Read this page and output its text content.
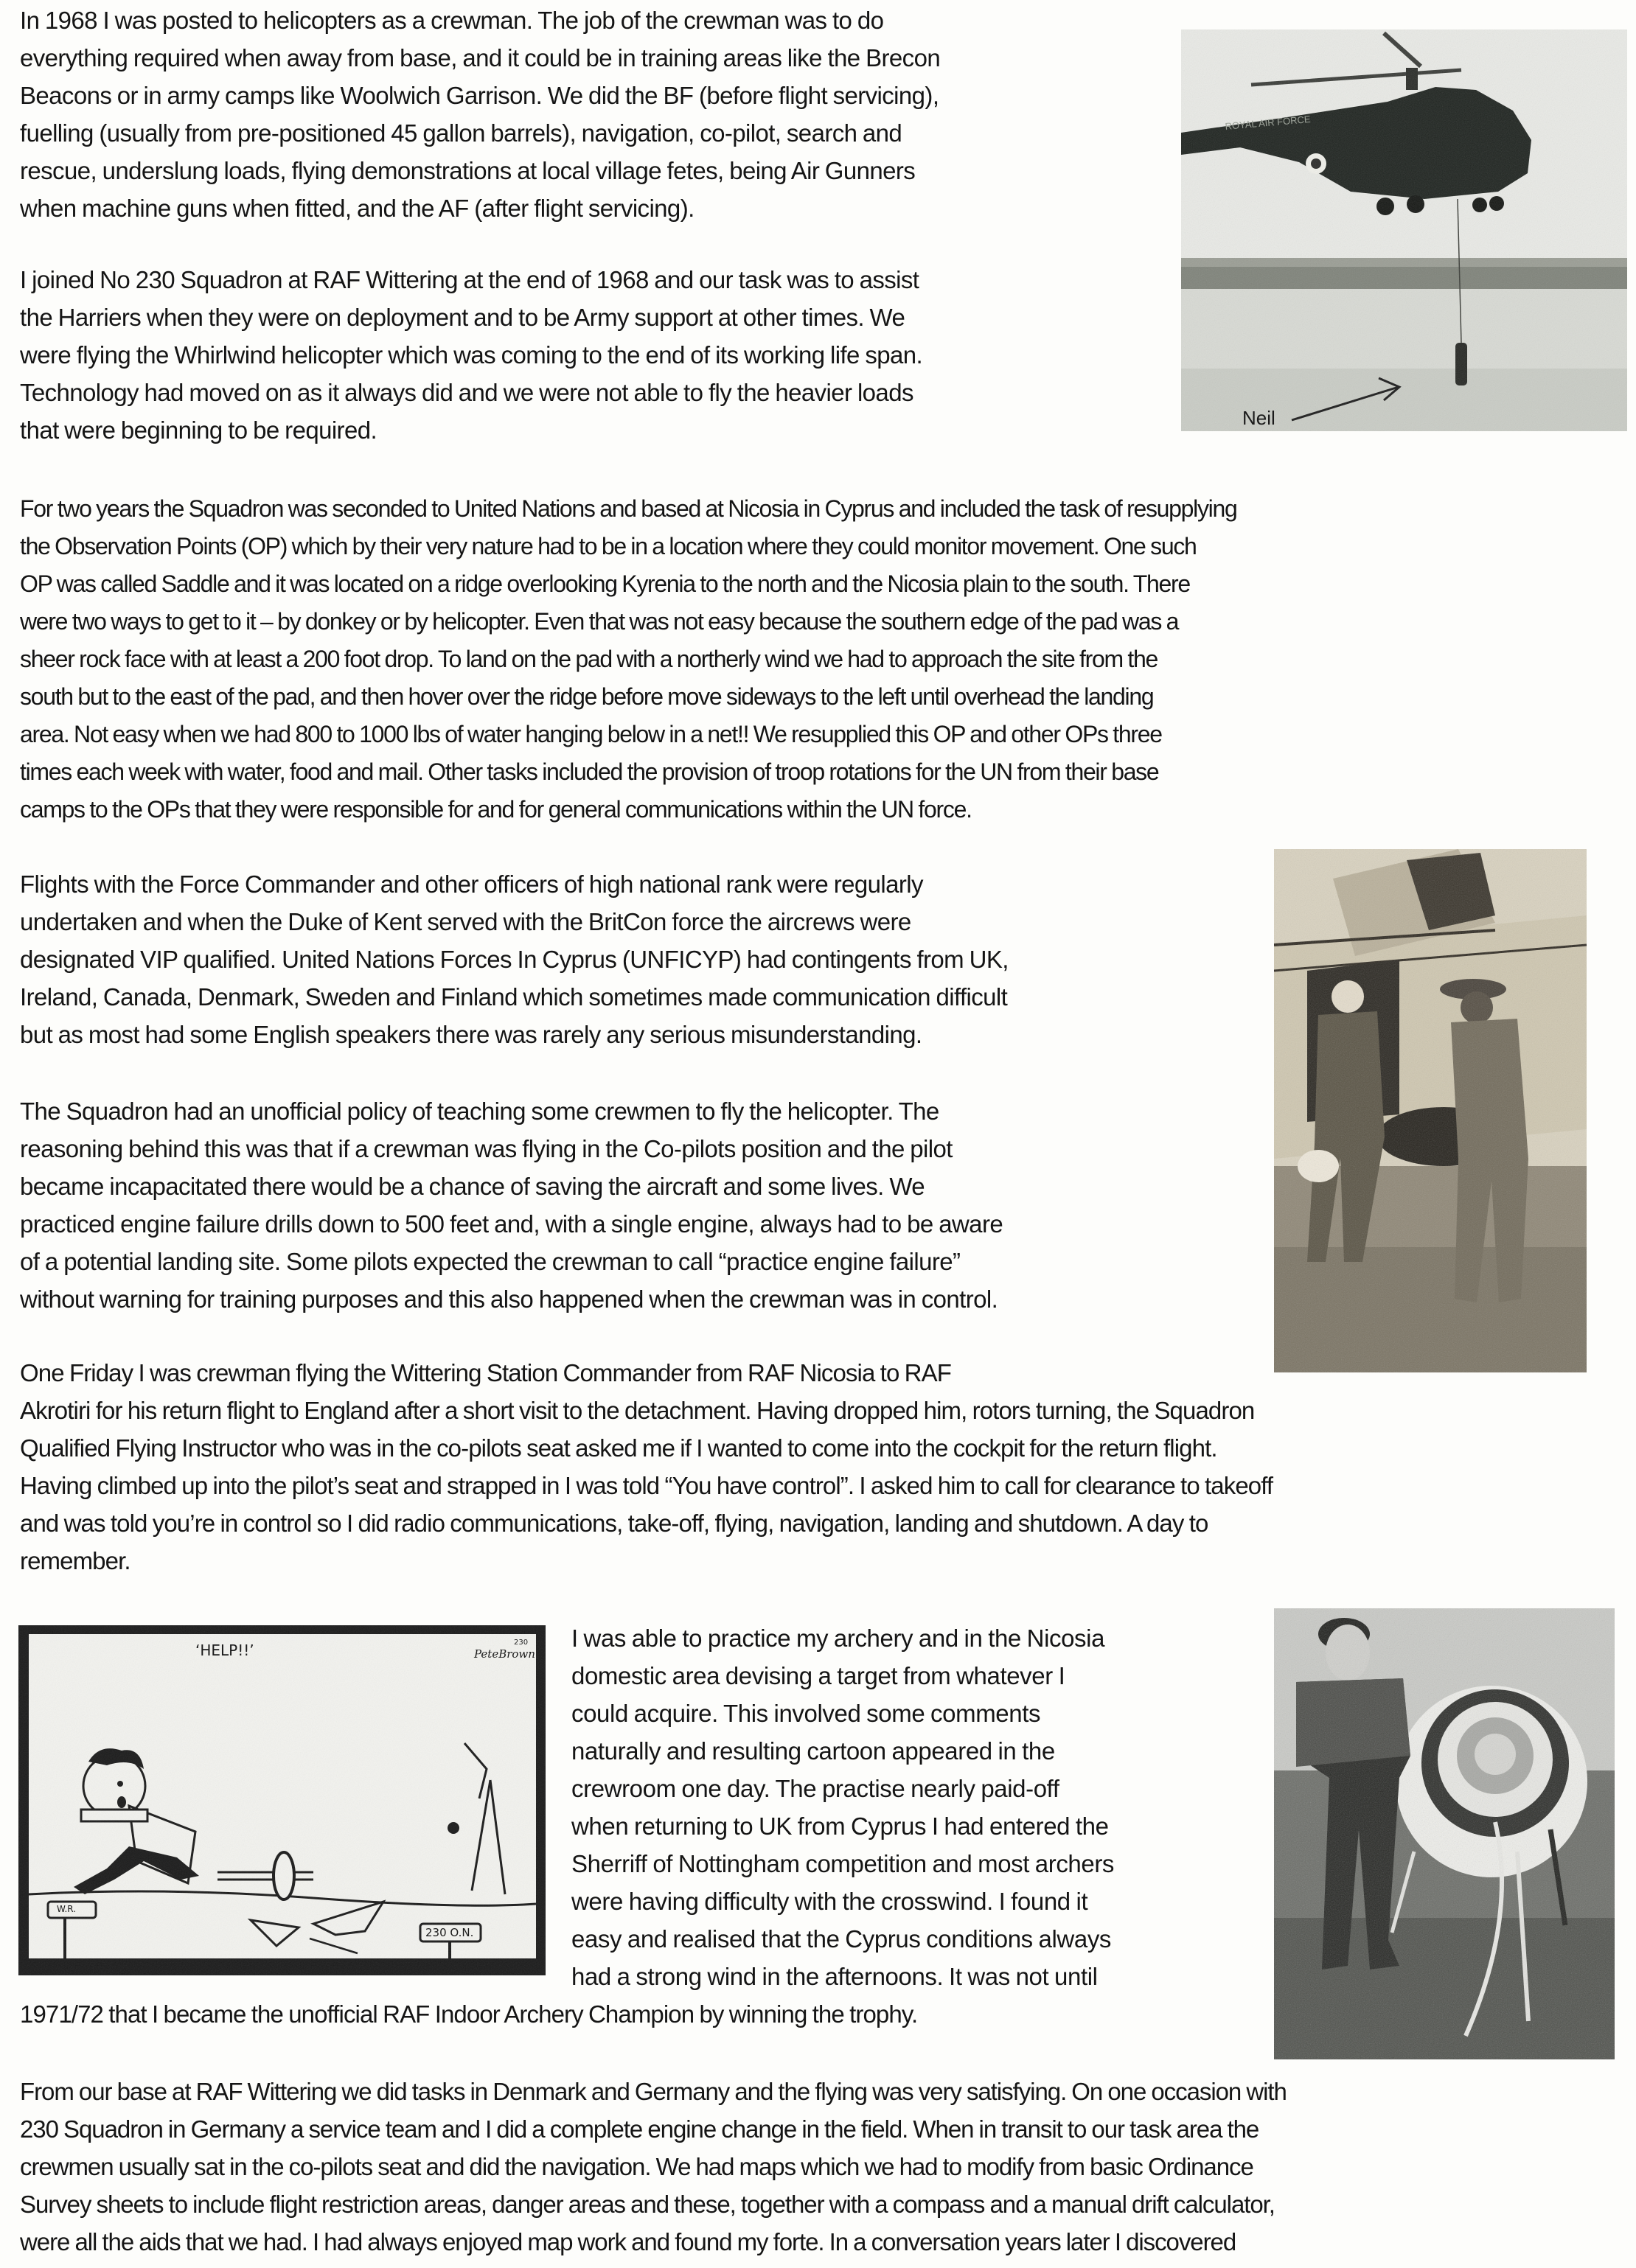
In 1968 I was posted to helicopters as a crewman. The job of the crewman was to do
everything required when away from base, and it could be in training areas like the Brecon
Beacons or in army camps like Woolwich Garrison. We did the BF (before flight servicing),
fuelling (usually from pre-positioned 45 gallon barrels), navigation, co-pilot, search and
rescue, underslung loads, flying demonstrations at local village fetes, being Air Gunners
when machine guns when fitted, and the AF (after flight servicing).
Neil
I joined No 230 Squadron at RAF Wittering at the end of 1968 and our task was to assist
the Harriers when they were on deployment and to be Army support at other times. We
were flying the Whirlwind helicopter which was coming to the end of its working life span.
Technology had moved on as it always did and we were not able to fly the heavier loads
that were beginning to be required.
For two years the Squadron was seconded to United Nations and based at Nicosia in Cyprus and included the task of resupplying
the Observation Points (OP) which by their very nature had to be in a location where they could monitor movement. One such
OP was called Saddle and it was located on a ridge overlooking Kyrenia to the north and the Nicosia plain to the south. There
were two ways to get to it – by donkey or by helicopter. Even that was not easy because the southern edge of the pad was a
sheer rock face with at least a 200 foot drop. To land on the pad with a northerly wind we had to approach the site from the
south but to the east of the pad, and then hover over the ridge before move sideways to the left until overhead the landing
area. Not easy when we had 800 to 1000 lbs of water hanging below in a net!! We resupplied this OP and other OPs three
times each week with water, food and mail. Other tasks included the provision of troop rotations for the UN from their base
camps to the OPs that they were responsible for and for general communications within the UN force.
Flights with the Force Commander and other officers of high national rank were regularly
undertaken and when the Duke of Kent served with the BritCon force the aircrews were
designated VIP qualified. United Nations Forces In Cyprus (UNFICYP) had contingents from UK,
Ireland, Canada, Denmark, Sweden and Finland which sometimes made communication difficult
but as most had some English speakers there was rarely any serious misunderstanding.
The Squadron had an unofficial policy of teaching some crewmen to fly the helicopter. The
reasoning behind this was that if a crewman was flying in the Co-pilots position and the pilot
became incapacitated there would be a chance of saving the aircraft and some lives. We
practiced engine failure drills down to 500 feet and, with a single engine, always had to be aware
of a potential landing site. Some pilots expected the crewman to call “practice engine failure”
without warning for training purposes and this also happened when the crewman was in control.
One Friday I was crewman flying the Wittering Station Commander from RAF Nicosia to RAF
Akrotiri for his return flight to England after a short visit to the detachment. Having dropped him, rotors turning, the Squadron
Qualified Flying Instructor who was in the co-pilots seat asked me if I wanted to come into the cockpit for the return flight.
Having climbed up into the pilot’s seat and strapped in I was told “You have control”. I asked him to call for clearance to takeoff
and was told you’re in control so I did radio communications, take-off, flying, navigation, landing and shutdown. A day to
remember.
‘HELP!!’	PeteBrown
230
W.R.
230 O.N.
I was able to practice my archery and in the Nicosia
domestic area devising a target from whatever I
could acquire. This involved some comments
naturally and resulting cartoon appeared in the
crewroom one day. The practise nearly paid-off
when returning to UK from Cyprus I had entered the
Sherriff of Nottingham competition and most archers
were having difficulty with the crosswind. I found it
easy and realised that the Cyprus conditions always
had a strong wind in the afternoons. It was not until
1971/72 that I became the unofficial RAF Indoor Archery Champion by winning the trophy.
From our base at RAF Wittering we did tasks in Denmark and Germany and the flying was very satisfying. On one occasion with
230 Squadron in Germany a service team and I did a complete engine change in the field. When in transit to our task area the
crewmen usually sat in the co-pilots seat and did the navigation. We had maps which we had to modify from basic Ordinance
Survey sheets to include flight restriction areas, danger areas and these, together with a compass and a manual drift calculator,
were all the aids that we had. I had always enjoyed map work and found my forte. In a conversation years later I discovered
